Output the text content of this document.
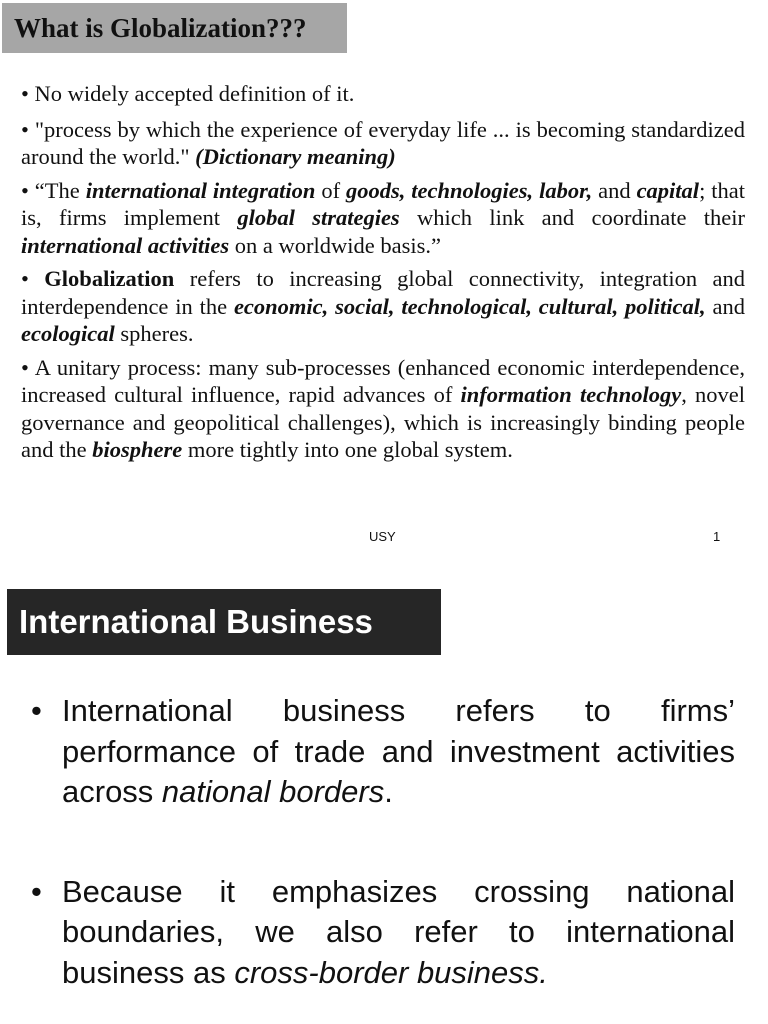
What is Globalization???
• No widely accepted definition of it.
• "process by which the experience of everyday life ... is becoming standardized around the world." (Dictionary meaning)
• “The international integration of goods, technologies, labor, and capital; that is, firms implement global strategies which link and coordinate their international activities on a worldwide basis.”
• Globalization refers to increasing global connectivity, integration and interdependence in the economic, social, technological, cultural, political, and ecological spheres.
• A unitary process: many sub-processes (enhanced economic interdependence, increased cultural influence, rapid advances of information technology, novel governance and geopolitical challenges), which is increasingly binding people and the biosphere more tightly into one global system.
USY	1
International Business
• International business refers to firms’ performance of trade and investment activities across national borders.
• Because it emphasizes crossing national boundaries, we also refer to international business as cross-border business.
